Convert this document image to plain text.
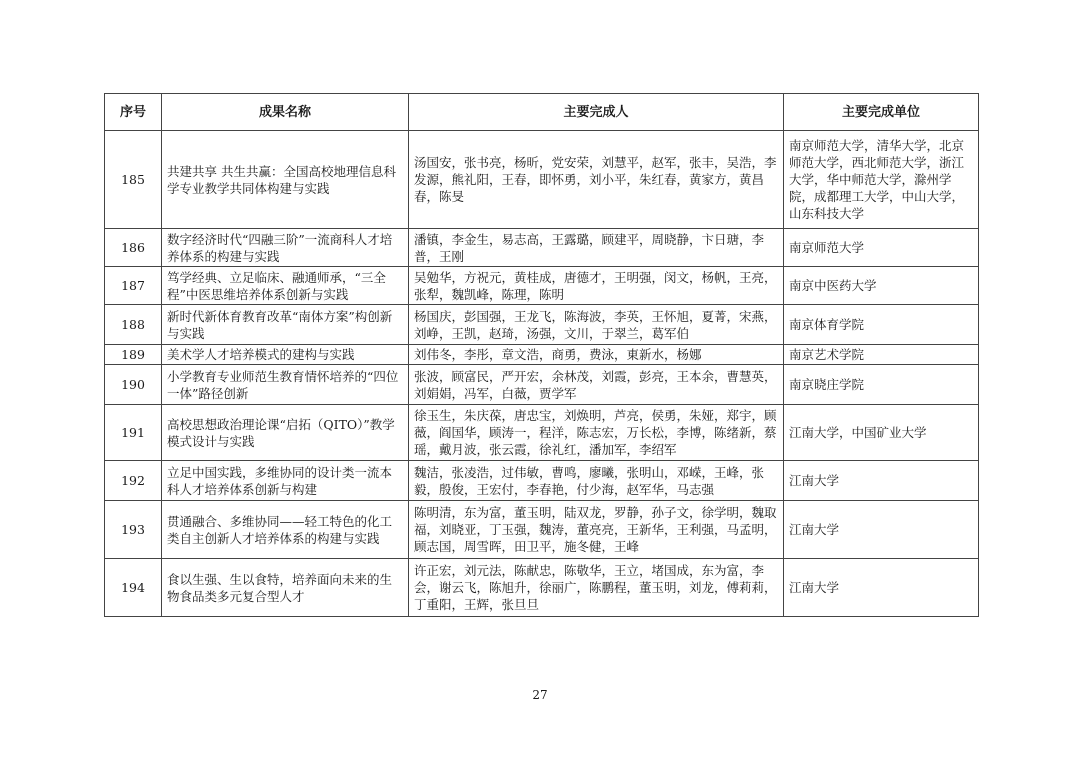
序号	成果名称	主要完成人	主要完成单位
185	共建共享 共生共赢：全国高校地理信息科学专业教学共同体构建与实践	汤国安，张书亮，杨昕，党安荣，刘慧平，赵军，张丰，吴浩，李发源，熊礼阳，王春，即怀勇，刘小平，朱红春，黄家方，黄昌春，陈旻	南京师范大学，清华大学，北京师范大学，西北师范大学，浙江大学，华中师范大学，滁州学院，成都理工大学，中山大学，山东科技大学
186	数字经济时代“四融三阶”一流商科人才培养体系的构建与实践	潘镇，李金生，易志高，王露璐，顾建平，周晓静，卞日瑭，李普，王刚	南京师范大学
187	笃学经典、立足临床、融通师承，“三全程”中医思维培养体系创新与实践	吴勉华，方祝元，黄桂成，唐德才，王明强，闵文，杨帆，王亮，张犁，魏凯峰，陈理，陈明	南京中医药大学
188	新时代新体育教育改革“南体方案”构创新与实践	杨国庆，彭国强，王龙飞，陈海波，李英，王怀旭，夏菁，宋燕，刘峥，王凯，赵琦，汤强，文川，于翠兰，葛军伯	南京体育学院
189	美术学人才培养模式的建构与实践	刘伟冬，李彤，章文浩，商勇，费泳，東新水，杨娜	南京艺术学院
190	小学教育专业师范生教育情怀培养的“四位一体”路径创新	张波，顾富民，严开宏，余林茂，刘霞，彭亮，王本余，曹慧英，刘娟娟，冯军，白薇，贾学军	南京晓庄学院
191	高校思想政治理论课“启拓（QITO）”教学模式设计与实践	徐玉生，朱庆葆，唐忠宝，刘焕明，芦亮，侯勇，朱娅，郑宇，顾薇，阎国华，顾涛一，程洋，陈志宏，万长松，李博，陈绪新，蔡瑶，戴月波，张云霞，徐礼红，潘加军，李绍军	江南大学，中国矿业大学
192	立足中国实践，多维协同的设计类一流本科人才培养体系创新与构建	魏洁，张凌浩，过伟敏，曹鸣，廖曦，张明山，邓嵘，王峰，张毅，殷俊，王宏付，李春艳，付少海，赵军华，马志强	江南大学
193	贯通融合、多维协同——轻工特色的化工类自主创新人才培养体系的构建与实践	陈明清，东为富，董玉明，陆双龙，罗静，孙子文，徐学明，魏取福，刘晓亚，丁玉强，魏涛，董亮亮，王新华，王利强，马孟明，顾志国，周雪晖，田卫平，施冬健，王峰	江南大学
194	食以生强、生以食特，培养面向未来的生物食品类多元复合型人才	许正宏，刘元法，陈献忠，陈敬华，王立，堵国成，东为富，李会，谢云飞，陈旭升，徐丽广，陈鹏程，董玉明，刘龙，傅莉莉，丁重阳，王辉，张旦旦	江南大学
27
